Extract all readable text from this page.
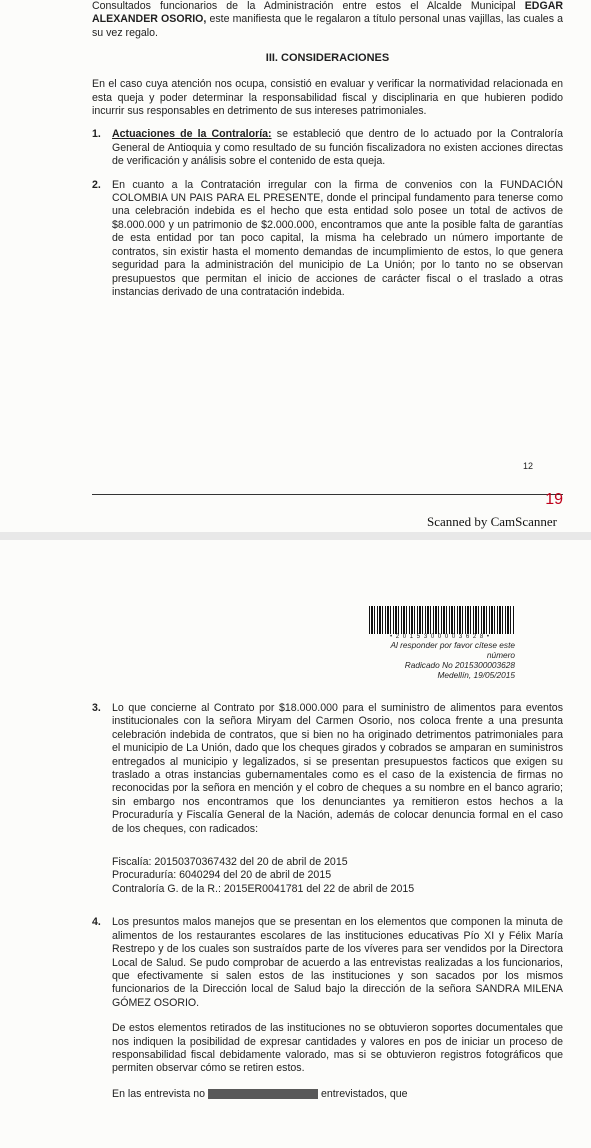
Consultados funcionarios de la Administración entre estos el Alcalde Municipal EDGAR ALEXANDER OSORIO, este manifiesta que le regalaron a título personal unas vajillas, las cuales a su vez regalo.

III. CONSIDERACIONES

En el caso cuya atención nos ocupa, consistió en evaluar y verificar la normatividad relacionada en esta queja y poder determinar la responsabilidad fiscal y disciplinaria en que hubieren podido incurrir sus responsables en detrimento de sus intereses patrimoniales.

1. Actuaciones de la Contraloría: se estableció que dentro de lo actuado por la Contraloría General de Antioquia y como resultado de su función fiscalizadora no existen acciones directas de verificación y análisis sobre el contenido de esta queja.

2. En cuanto a la Contratación irregular con la firma de convenios con la FUNDACIÓN COLOMBIA UN PAIS PARA EL PRESENTE, donde el principal fundamento para tenerse como una celebración indebida es el hecho que esta entidad solo posee un total de activos de $8.000.000 y un patrimonio de $2.000.000, encontramos que ante la posible falta de garantías de esta entidad por tan poco capital, la misma ha celebrado un número importante de contratos, sin existir hasta el momento demandas de incumplimiento de estos, lo que genera seguridad para la administración del municipio de La Unión; por lo tanto no se observan presupuestos que permitan el inicio de acciones de carácter fiscal o el traslado a otras instancias derivado de una contratación indebida.

12
19
Scanned by CamScanner
• 2 0 1 5 3 0 0 0 0 3 6 2 8 •
Al responder por favor cítese este número
Radicado No 2015300003628
Medellín, 19/05/2015
3. Lo que concierne al Contrato por $18.000.000 para el suministro de alimentos para eventos institucionales con la señora Miryam del Carmen Osorio, nos coloca frente a una presunta celebración indebida de contratos, que si bien no ha originado detrimentos patrimoniales para el municipio de La Unión, dado que los cheques girados y cobrados se amparan en suministros entregados al municipio y legalizados, si se presentan presupuestos facticos que exigen su traslado a otras instancias gubernamentales como es el caso de la existencia de firmas no reconocidas por la señora en mención y el cobro de cheques a su nombre en el banco agrario; sin embargo nos encontramos que los denunciantes ya remitieron estos hechos a la Procuraduría y Fiscalía General de la Nación, además de colocar denuncia formal en el caso de los cheques, con radicados:

Fiscalía: 20150370367432 del 20 de abril de 2015
Procuraduría: 6040294 del 20 de abril de 2015
Contraloría G. de la R.: 2015ER0041781 del 22 de abril de 2015
4. Los presuntos malos manejos que se presentan en los elementos que componen la minuta de alimentos de los restaurantes escolares de las instituciones educativas Pío XI y Félix María Restrepo y de los cuales son sustraídos parte de los víveres para ser vendidos por la Directora Local de Salud. Se pudo comprobar de acuerdo a las entrevistas realizadas a los funcionarios, que efectivamente si salen estos de las instituciones y son sacados por los mismos funcionarios de la Dirección local de Salud bajo la dirección de la señora SANDRA MILENA GÓMEZ OSORIO.

De estos elementos retirados de las instituciones no se obtuvieron soportes documentales que nos indiquen la posibilidad de expresar cantidades y valores en pos de iniciar un proceso de responsabilidad fiscal debidamente valorado, mas si se obtuvieron registros fotográficos que permiten observar cómo se retiren estos.

En las entrevista no	entrevistados, que
